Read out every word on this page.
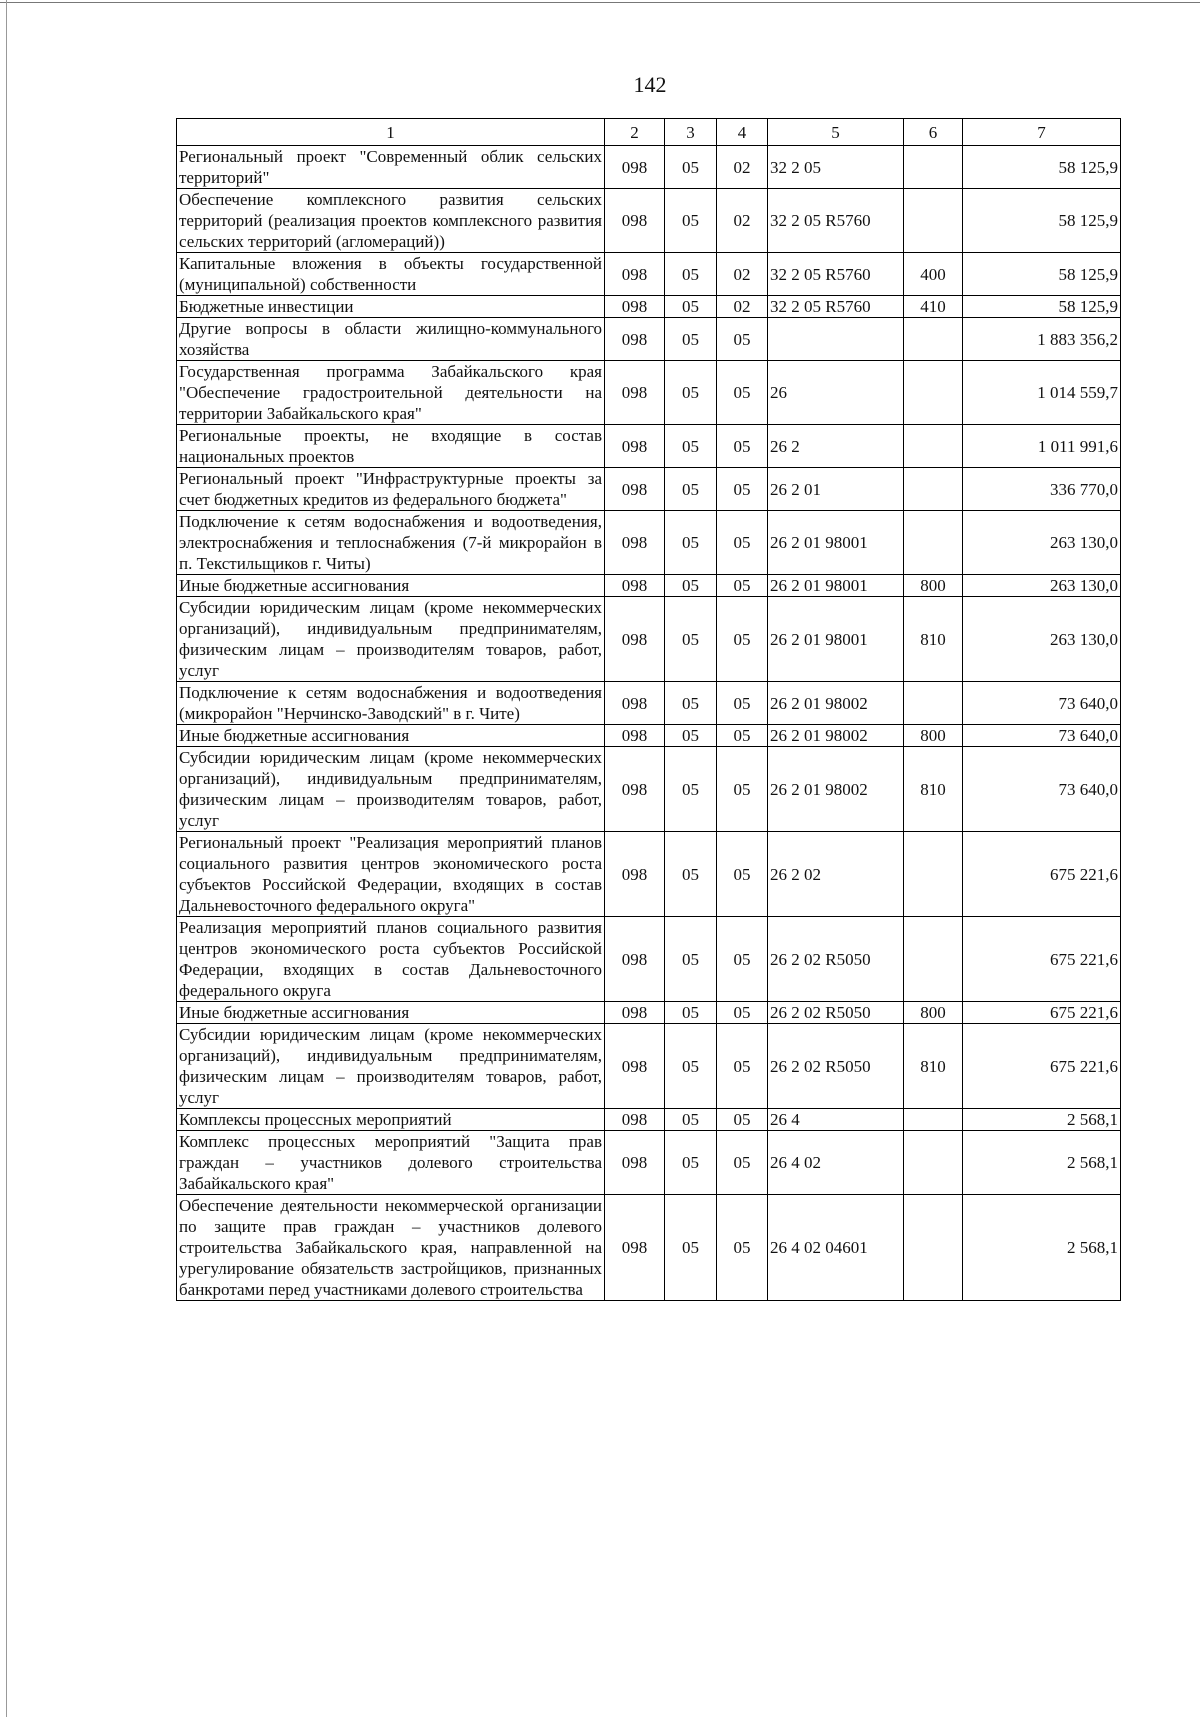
142
1	2	3	4	5	6	7
Региональный проект "Современный облик сельских территорий"	098	05	02	32 2 05		58 125,9
Обеспечение комплексного развития сельских территорий (реализация проектов комплексного развития сельских территорий (агломераций))	098	05	02	32 2 05 R5760		58 125,9
Капитальные вложения в объекты государственной (муниципальной) собственности	098	05	02	32 2 05 R5760	400	58 125,9
Бюджетные инвестиции	098	05	02	32 2 05 R5760	410	58 125,9
Другие вопросы в области жилищно-коммунального хозяйства	098	05	05			1 883 356,2
Государственная программа Забайкальского края "Обеспечение градостроительной деятельности на территории Забайкальского края"	098	05	05	26		1 014 559,7
Региональные проекты, не входящие в состав национальных проектов	098	05	05	26 2		1 011 991,6
Региональный проект "Инфраструктурные проекты за счет бюджетных кредитов из федерального бюджета"	098	05	05	26 2 01		336 770,0
Подключение к сетям водоснабжения и водоотведения, электроснабжения и теплоснабжения (7-й микрорайон в п. Текстильщиков г. Читы)	098	05	05	26 2 01 98001		263 130,0
Иные бюджетные ассигнования	098	05	05	26 2 01 98001	800	263 130,0
Субсидии юридическим лицам (кроме некоммерческих организаций), индивидуальным предпринимателям, физическим лицам – производителям товаров, работ, услуг	098	05	05	26 2 01 98001	810	263 130,0
Подключение к сетям водоснабжения и водоотведения (микрорайон "Нерчинско-Заводский" в г. Чите)	098	05	05	26 2 01 98002		73 640,0
Иные бюджетные ассигнования	098	05	05	26 2 01 98002	800	73 640,0
Субсидии юридическим лицам (кроме некоммерческих организаций), индивидуальным предпринимателям, физическим лицам – производителям товаров, работ, услуг	098	05	05	26 2 01 98002	810	73 640,0
Региональный проект "Реализация мероприятий планов социального развития центров экономического роста субъектов Российской Федерации, входящих в состав Дальневосточного федерального округа"	098	05	05	26 2 02		675 221,6
Реализация мероприятий планов социального развития центров экономического роста субъектов Российской Федерации, входящих в состав Дальневосточного федерального округа	098	05	05	26 2 02 R5050		675 221,6
Иные бюджетные ассигнования	098	05	05	26 2 02 R5050	800	675 221,6
Субсидии юридическим лицам (кроме некоммерческих организаций), индивидуальным предпринимателям, физическим лицам – производителям товаров, работ, услуг	098	05	05	26 2 02 R5050	810	675 221,6
Комплексы процессных мероприятий	098	05	05	26 4		2 568,1
Комплекс процессных мероприятий "Защита прав граждан – участников долевого строительства Забайкальского края"	098	05	05	26 4 02		2 568,1
Обеспечение деятельности некоммерческой организации по защите прав граждан – участников долевого строительства Забайкальского края, направленной на урегулирование обязательств застройщиков, признанных банкротами перед участниками долевого строительства	098	05	05	26 4 02 04601		2 568,1
